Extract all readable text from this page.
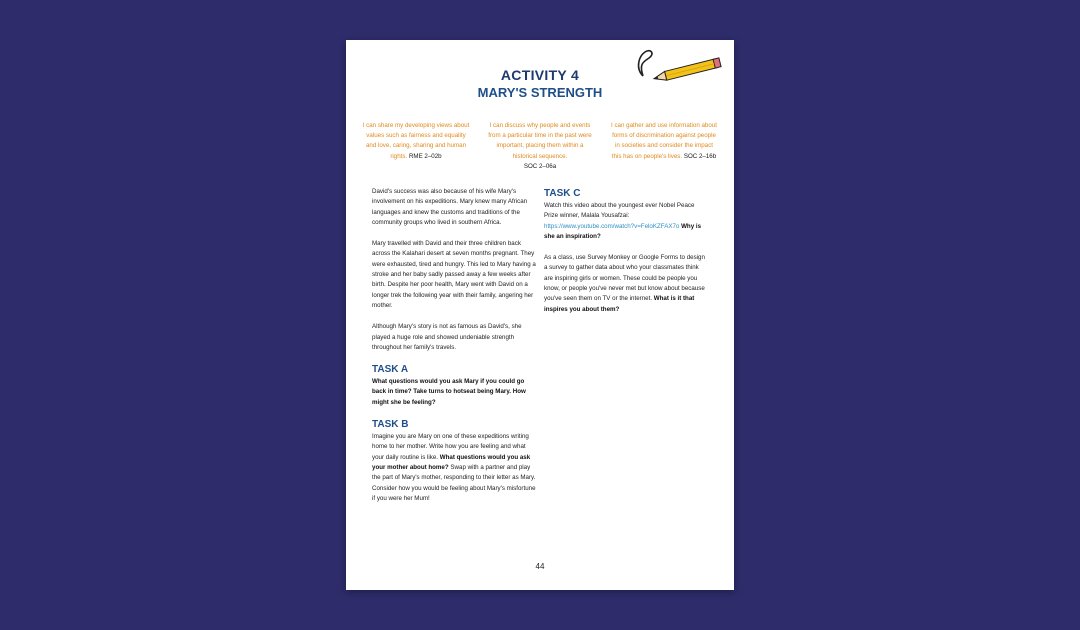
ACTIVITY 4
MARY'S STRENGTH
I can share my developing views about values such as fairness and equality and love, caring, sharing and human rights. RME 2–02b
I can discuss why people and events from a particular time in the past were important, placing them within a historical sequence.
SOC 2–06a
I can gather and use information about forms of discrimination against people in societies and consider the impact this has on people's lives. SOC 2–16b

David's success was also because of his wife Mary's involvement on his expeditions. Mary knew many African languages and knew the customs and traditions of the community groups who lived in southern Africa.

Mary travelled with David and their three children back across the Kalahari desert at seven months pregnant. They were exhausted, tired and hungry. This led to Mary having a stroke and her baby sadly passed away a few weeks after birth. Despite her poor health, Mary went with David on a longer trek the following year with their family, angering her mother.

Although Mary's story is not as famous as David's, she played a huge role and showed undeniable strength throughout her family's travels.

TASK A

What questions would you ask Mary if you could go back in time? Take turns to hotseat being Mary. How might she be feeling?

TASK B

Imagine you are Mary on one of these expeditions writing home to her mother. Write how you are feeling and what your daily routine is like. What questions would you ask your mother about home? Swap with a partner and play the part of Mary's mother, responding to their letter as Mary. Consider how you would be feeling about Mary's misfortune if you were her Mum!

TASK C

Watch this video about the youngest ever Nobel Peace Prize winner, Malala Yousafzai: https://www.youtube.com/watch?v=FeloKZFAX7o Why is she an inspiration?

As a class, use Survey Monkey or Google Forms to design a survey to gather data about who your classmates think are inspiring girls or women. These could be people you know, or people you've never met but know about because you've seen them on TV or the internet. What is it that inspires you about them?

44
